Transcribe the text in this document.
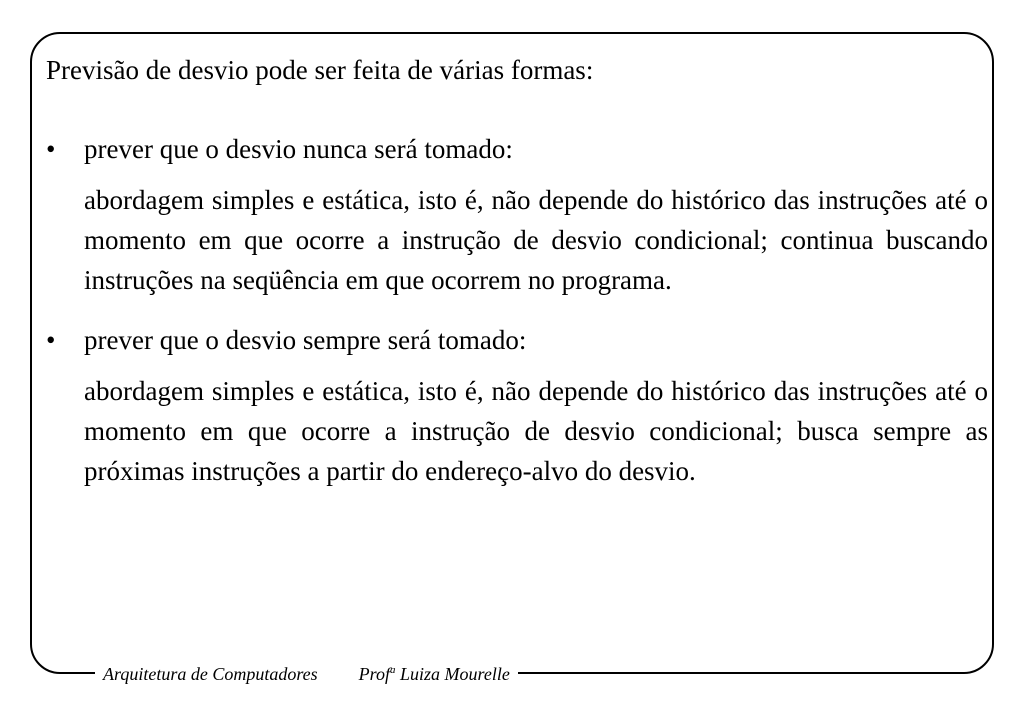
Previsão de desvio pode ser feita de várias formas:

• prever que o desvio nunca será tomado:
abordagem simples e estática, isto é, não depende do histórico das instruções até o momento em que ocorre a instrução de desvio condicional; continua buscando instruções na seqüência em que ocorrem no programa.
• prever que o desvio sempre será tomado:
abordagem simples e estática, isto é, não depende do histórico das instruções até o momento em que ocorre a instrução de desvio condicional; busca sempre as próximas instruções a partir do endereço-alvo do desvio.
Arquitetura de Computadores Prof$^a$ Luiza Mourelle
